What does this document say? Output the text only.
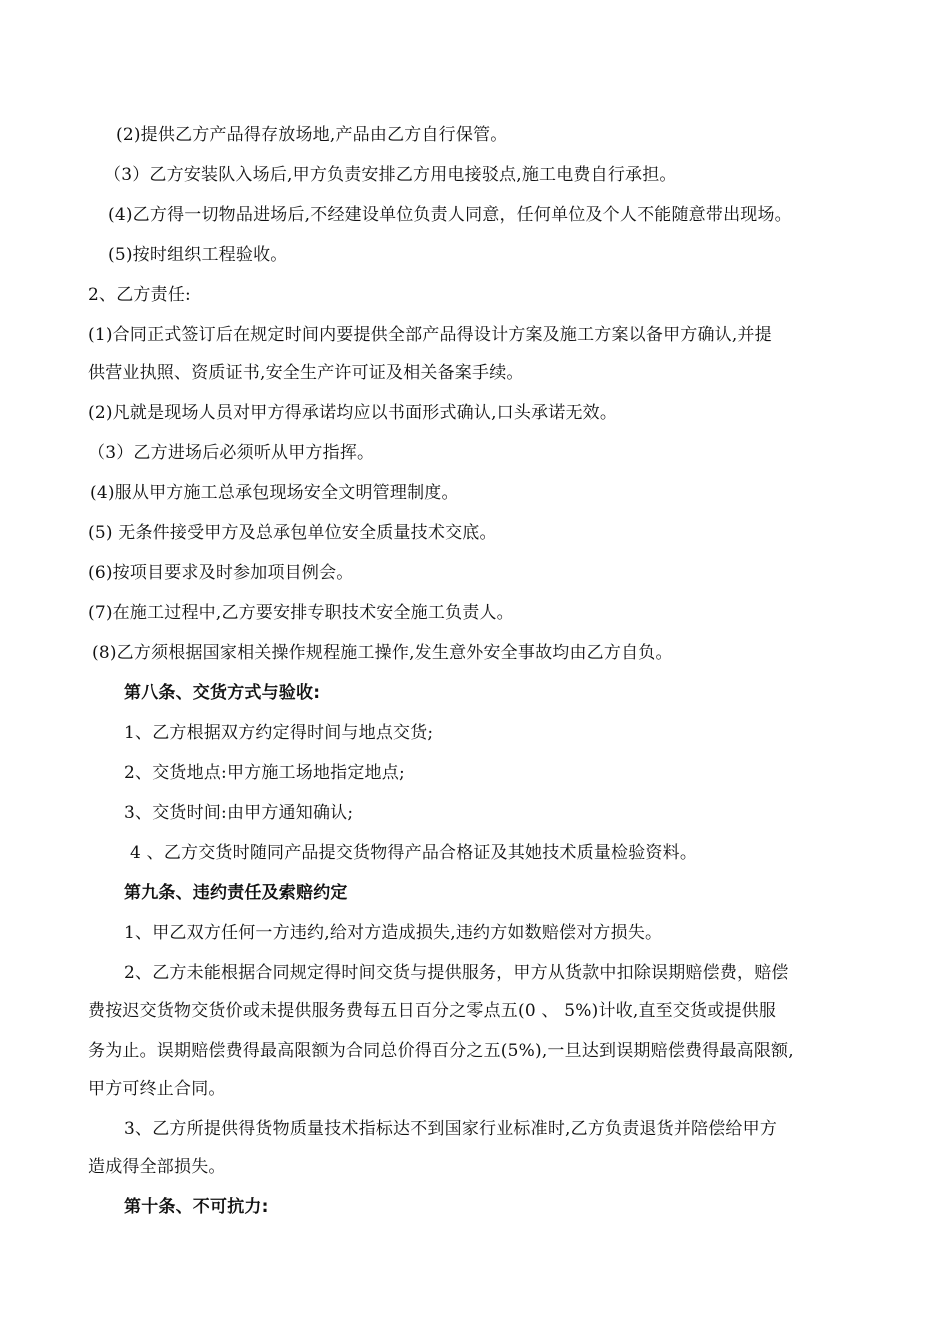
(2)提供乙方产品得存放场地,产品由乙方自行保管。
（3）乙方安装队入场后,甲方负责安排乙方用电接驳点,施工电费自行承担。
(4)乙方得一切物品进场后,不经建设单位负责人同意，任何单位及个人不能随意带出现场。
(5)按时组织工程验收。
2、乙方责任:
(1)合同正式签订后在规定时间内要提供全部产品得设计方案及施工方案以备甲方确认,并提
供营业执照、资质证书,安全生产许可证及相关备案手续。
(2)凡就是现场人员对甲方得承诺均应以书面形式确认,口头承诺无效。
（3）乙方进场后必须听从甲方指挥。
(4)服从甲方施工总承包现场安全文明管理制度。
(5) 无条件接受甲方及总承包单位安全质量技术交底。
(6)按项目要求及时参加项目例会。
(7)在施工过程中,乙方要安排专职技术安全施工负责人。
(8)乙方须根据国家相关操作规程施工操作,发生意外安全事故均由乙方自负。
第八条、交货方式与验收:
1、乙方根据双方约定得时间与地点交货;
2、交货地点:甲方施工场地指定地点;
3、交货时间:由甲方通知确认;
4 、乙方交货时随同产品提交货物得产品合格证及其她技术质量检验资料。
第九条、违约责任及索赔约定
1、甲乙双方任何一方违约,给对方造成损失,违约方如数赔偿对方损失。
2、乙方未能根据合同规定得时间交货与提供服务，甲方从货款中扣除误期赔偿费，赔偿
费按迟交货物交货价或未提供服务费每五日百分之零点五(0 、 5%)计收,直至交货或提供服
务为止。误期赔偿费得最高限额为合同总价得百分之五(5%),一旦达到误期赔偿费得最高限额,
甲方可终止合同。
3、乙方所提供得货物质量技术指标达不到国家行业标准时,乙方负责退货并陪偿给甲方
造成得全部损失。
第十条、不可抗力:
